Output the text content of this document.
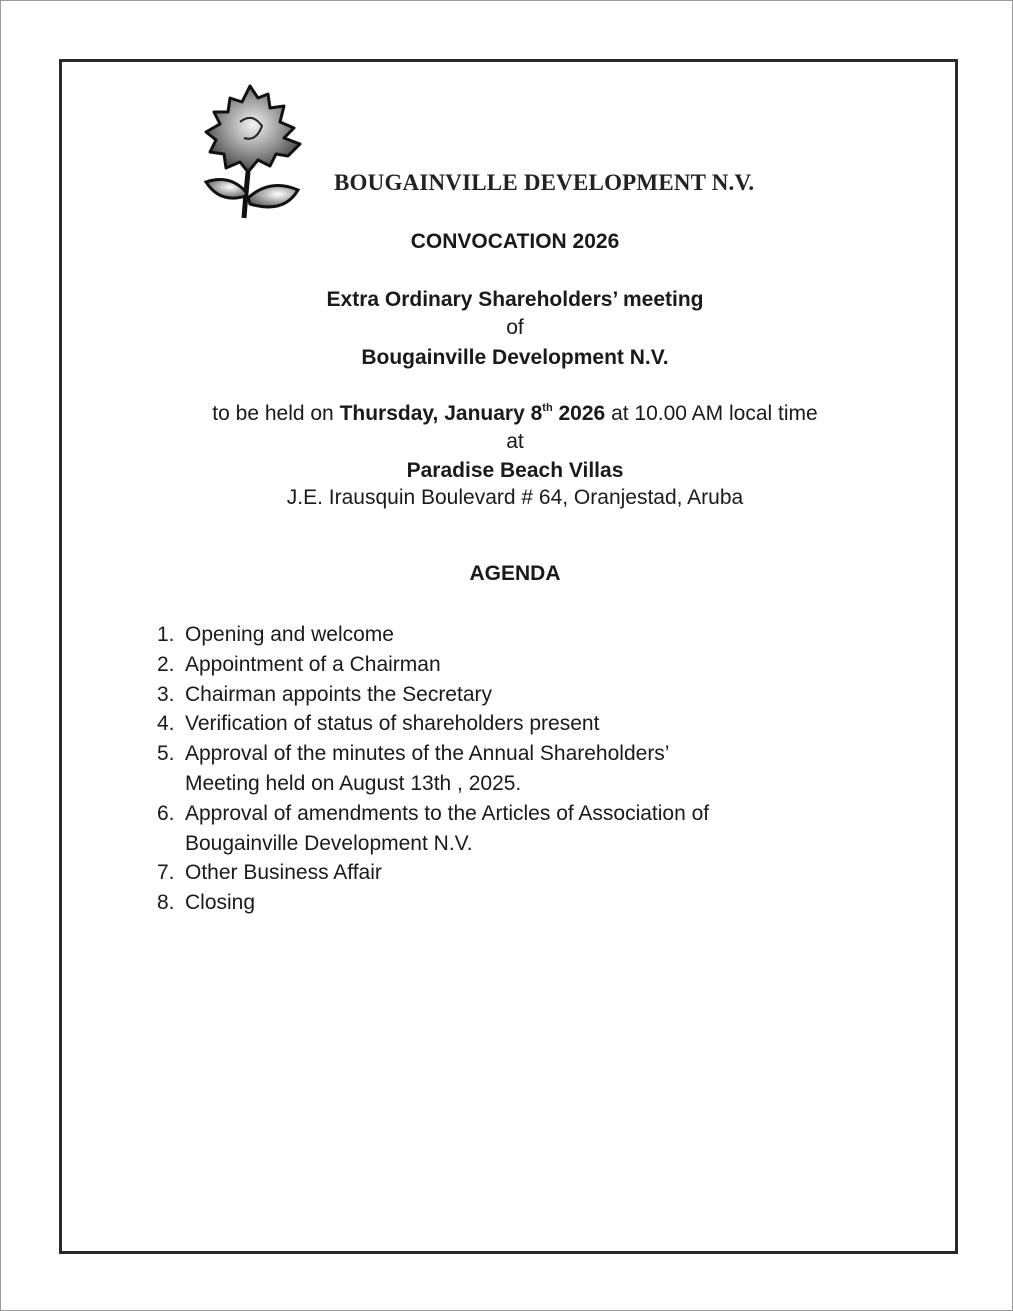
BOUGAINVILLE DEVELOPMENT N.V.
CONVOCATION 2026
Extra Ordinary Shareholders’ meeting
of
Bougainville Development N.V.
to be held on Thursday, January 8th 2026 at 10.00 AM local time
at
Paradise Beach Villas
J.E. Irausquin Boulevard # 64, Oranjestad, Aruba
AGENDA
1. Opening and welcome
2. Appointment of a Chairman
3. Chairman appoints the Secretary
4. Verification of status of shareholders present
5. Approval of the minutes of the Annual Shareholders’
Meeting held on August 13th , 2025.
6. Approval of amendments to the Articles of Association of
Bougainville Development N.V.
7. Other Business Affair
8. Closing
